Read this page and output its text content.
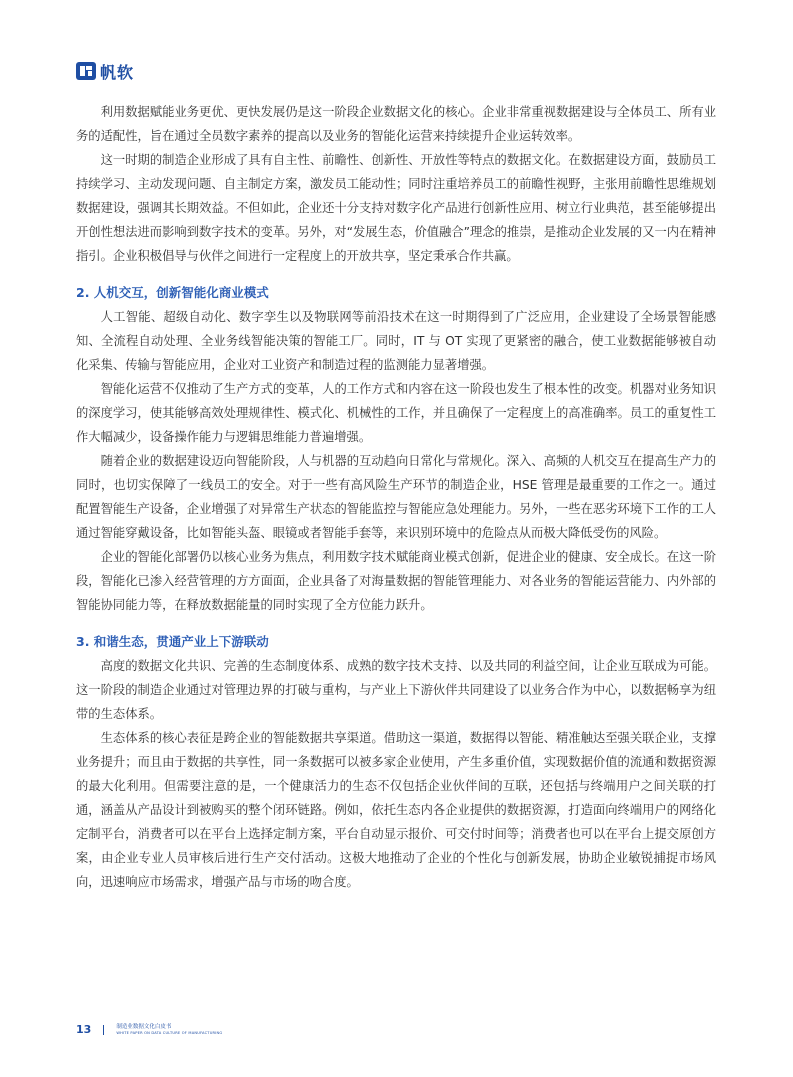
帆软

利用数据赋能业务更优、更快发展仍是这一阶段企业数据文化的核心。企业非常重视数据建设与全体员工、所有业务的适配性，旨在通过全员数字素养的提高以及业务的智能化运营来持续提升企业运转效率。

这一时期的制造企业形成了具有自主性、前瞻性、创新性、开放性等特点的数据文化。在数据建设方面，鼓励员工持续学习、主动发现问题、自主制定方案，激发员工能动性；同时注重培养员工的前瞻性视野，主张用前瞻性思维规划数据建设，强调其长期效益。不但如此，企业还十分支持对数字化产品进行创新性应用、树立行业典范，甚至能够提出开创性想法进而影响到数字技术的变革。另外，对“发展生态，价值融合”理念的推崇，是推动企业发展的又一内在精神指引。企业积极倡导与伙伴之间进行一定程度上的开放共享，坚定秉承合作共赢。

2. 人机交互，创新智能化商业模式

人工智能、超级自动化、数字孪生以及物联网等前沿技术在这一时期得到了广泛应用，企业建设了全场景智能感知、全流程自动处理、全业务线智能决策的智能工厂。同时，IT 与 OT 实现了更紧密的融合，使工业数据能够被自动化采集、传输与智能应用，企业对工业资产和制造过程的监测能力显著增强。

智能化运营不仅推动了生产方式的变革，人的工作方式和内容在这一阶段也发生了根本性的改变。机器对业务知识的深度学习，使其能够高效处理规律性、模式化、机械性的工作，并且确保了一定程度上的高准确率。员工的重复性工作大幅减少，设备操作能力与逻辑思维能力普遍增强。

随着企业的数据建设迈向智能阶段，人与机器的互动趋向日常化与常规化。深入、高频的人机交互在提高生产力的同时，也切实保障了一线员工的安全。对于一些有高风险生产环节的制造企业，HSE 管理是最重要的工作之一。通过配置智能生产设备，企业增强了对异常生产状态的智能监控与智能应急处理能力。另外，一些在恶劣环境下工作的工人通过智能穿戴设备，比如智能头盔、眼镜或者智能手套等，来识别环境中的危险点从而极大降低受伤的风险。

企业的智能化部署仍以核心业务为焦点，利用数字技术赋能商业模式创新，促进企业的健康、安全成长。在这一阶段，智能化已渗入经营管理的方方面面，企业具备了对海量数据的智能管理能力、对各业务的智能运营能力、内外部的智能协同能力等，在释放数据能量的同时实现了全方位能力跃升。

3. 和谐生态，贯通产业上下游联动

高度的数据文化共识、完善的生态制度体系、成熟的数字技术支持、以及共同的利益空间，让企业互联成为可能。这一阶段的制造企业通过对管理边界的打破与重构，与产业上下游伙伴共同建设了以业务合作为中心，以数据畅享为纽带的生态体系。

生态体系的核心表征是跨企业的智能数据共享渠道。借助这一渠道，数据得以智能、精准触达至强关联企业，支撑业务提升；而且由于数据的共享性，同一条数据可以被多家企业使用，产生多重价值，实现数据价值的流通和数据资源的最大化利用。但需要注意的是，一个健康活力的生态不仅包括企业伙伴间的互联，还包括与终端用户之间关联的打通，涵盖从产品设计到被购买的整个闭环链路。例如，依托生态内各企业提供的数据资源，打造面向终端用户的网络化定制平台，消费者可以在平台上选择定制方案，平台自动显示报价、可交付时间等；消费者也可以在平台上提交原创方案，由企业专业人员审核后进行生产交付活动。这极大地推动了企业的个性化与创新发展，协助企业敏锐捕捉市场风向，迅速响应市场需求，增强产品与市场的吻合度。

13	制造业数据文化白皮书
WHITE PAPER ON DATA CULTURE OF MANUFACTURING
